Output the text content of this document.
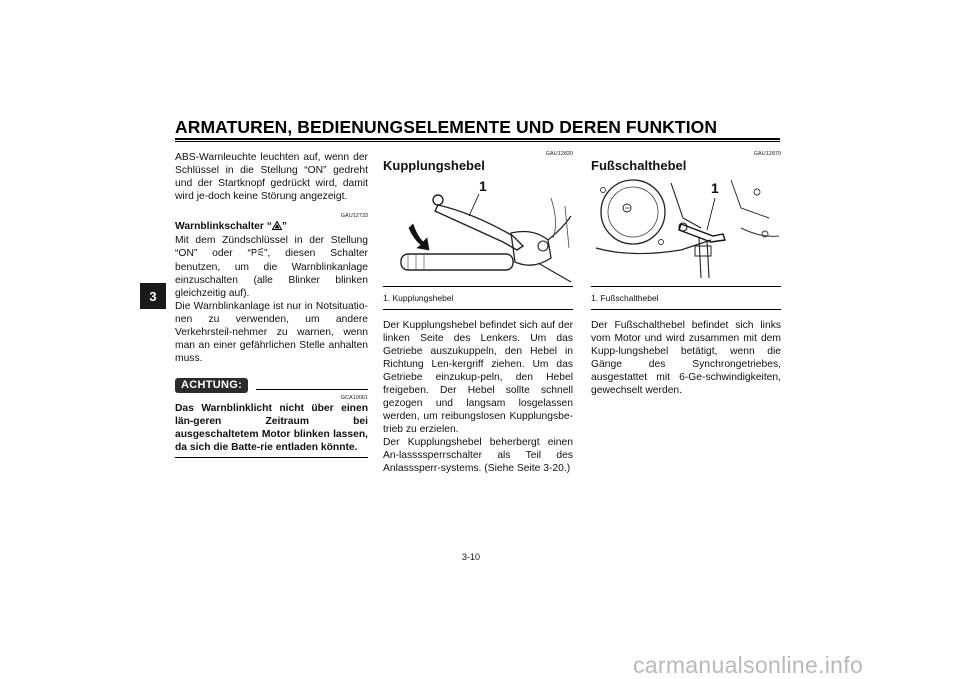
ARMATUREN, BEDIENUNGSELEMENTE UND DEREN FUNKTION
3

ABS-Warnleuchte leuchten auf, wenn der Schlüssel in die Stellung “ON” gedreht und der Startknopf gedrückt wird, damit wird je-doch keine Störung angezeigt.

GAU12733
Warnblinkschalter “ ”

Mit dem Zündschlüssel in der Stellung “ON” oder “ P ”, diesen Schalter benutzen, um die Warnblinkanlage einzuschalten (alle Blinker blinken gleichzeitig auf).

Die Warnblinkanlage ist nur in Notsituatio-nen zu verwenden, um andere Verkehrsteil-nehmer zu warnen, wenn man an einer gefährlichen Stelle anhalten muss.

ACHTUNG:
GCA10061

Das Warnblinklicht nicht über einen län-geren Zeitraum bei ausgeschaltetem Motor blinken lassen, da sich die Batte-rie entladen könnte.

GAU12820
Kupplungshebel
1
1. Kupplungshebel

Der Kupplungshebel befindet sich auf der linken Seite des Lenkers. Um das Getriebe auszukuppeln, den Hebel in Richtung Len-kergriff ziehen. Um das Getriebe einzukup-peln, den Hebel freigeben. Der Hebel sollte schnell gezogen und langsam losgelassen werden, um reibungslosen Kupplungsbe-trieb zu erzielen.

Der Kupplungshebel beherbergt einen An-lassssperrschalter als Teil des Anlasssperr-systems. (Siehe Seite 3-20.)

GAU12870
Fußschalthebel
1
1. Fußschalthebel

Der Fußschalthebel befindet sich links vom Motor und wird zusammen mit dem Kupp-lungshebel betätigt, wenn die Gänge des Synchrongetriebes, ausgestattet mit 6-Ge-schwindigkeiten, gewechselt werden.

3-10
carmanualsonline.info
